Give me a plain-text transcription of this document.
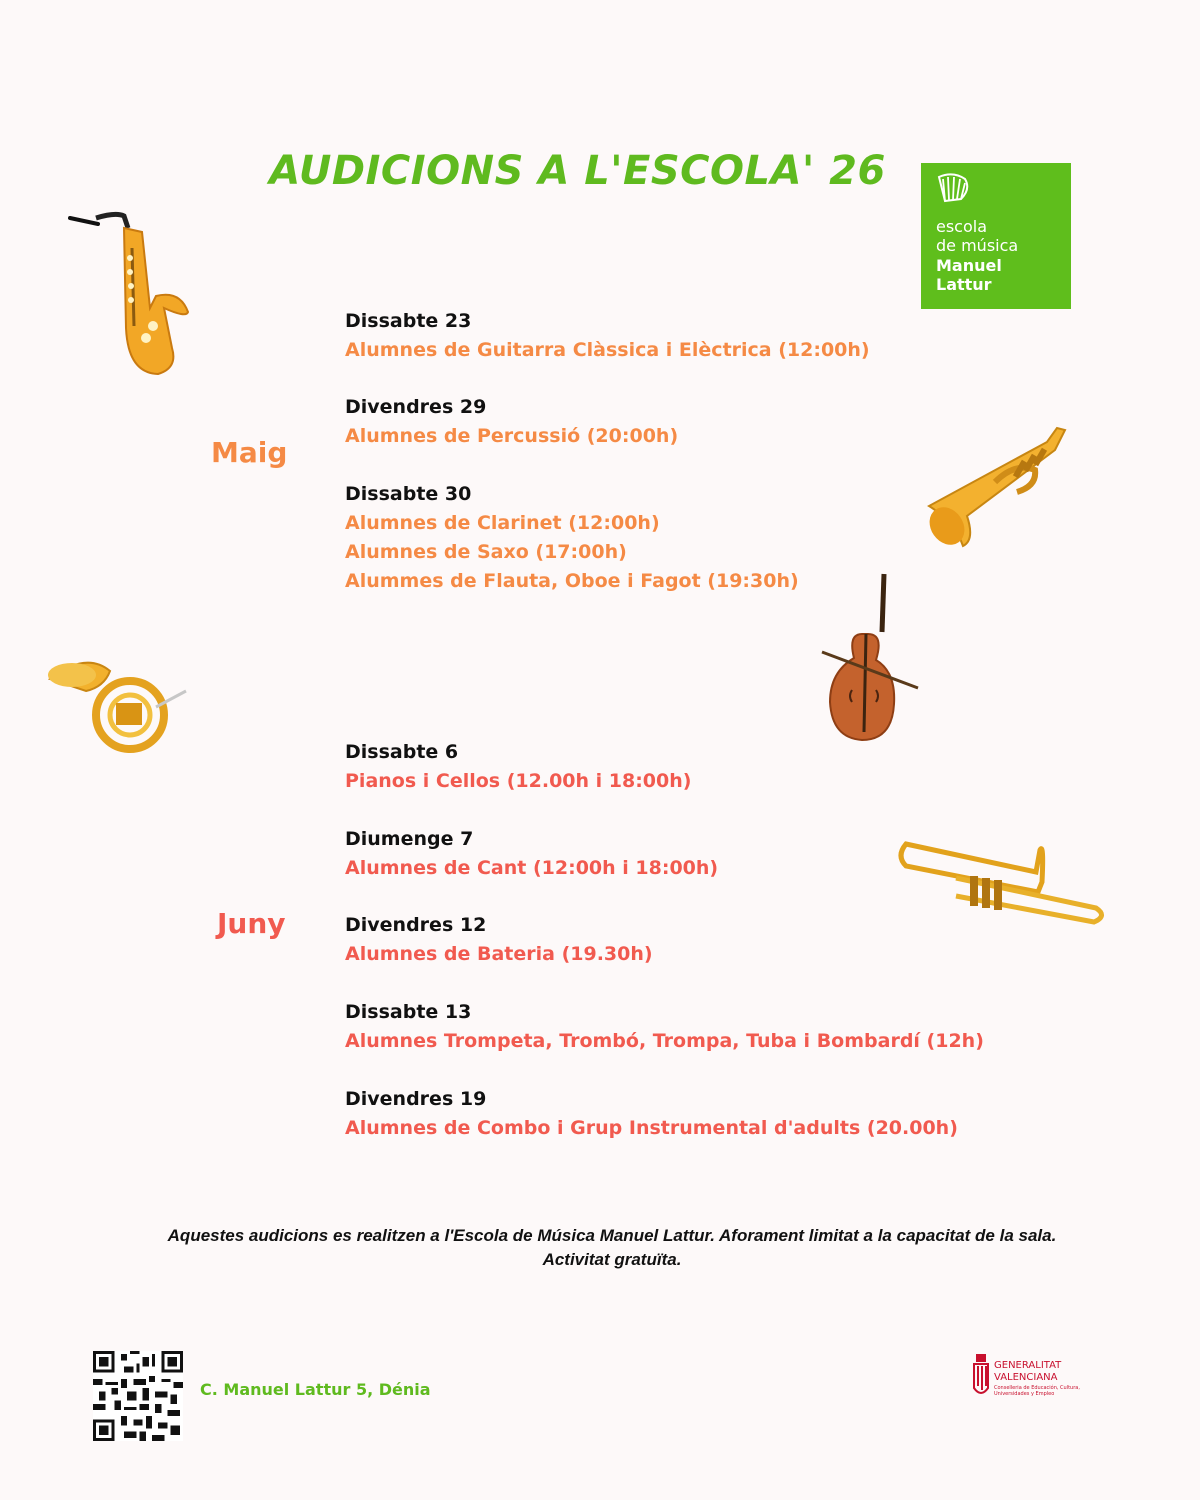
AUDICIONS A L'ESCOLA' 26
escola
de música
Manuel
Lattur
Maig
Juny
Dissabte 23
Alumnes de Guitarra Clàssica i Elèctrica (12:00h)
Divendres 29
Alumnes de Percussió (20:00h)
Dissabte 30
Alumnes de Clarinet (12:00h)
Alumnes de Saxo (17:00h)
Alummes de Flauta, Oboe i Fagot (19:30h)
Dissabte 6
Pianos i Cellos (12.00h i 18:00h)
Diumenge 7
Alumnes de Cant (12:00h i 18:00h)
Divendres 12
Alumnes de Bateria (19.30h)
Dissabte 13
Alumnes Trompeta, Trombó, Trompa, Tuba i Bombardí (12h)
Divendres 19
Alumnes de Combo i Grup Instrumental d'adults (20.00h)
Aquestes audicions es realitzen a l'Escola de Música Manuel Lattur. Aforament limitat a la capacitat de la sala.
Activitat gratuïta.
C. Manuel Lattur 5, Dénia
GENERALITAT
VALENCIANA
Conselleria de Educación, Cultura, Universidades y Empleo
